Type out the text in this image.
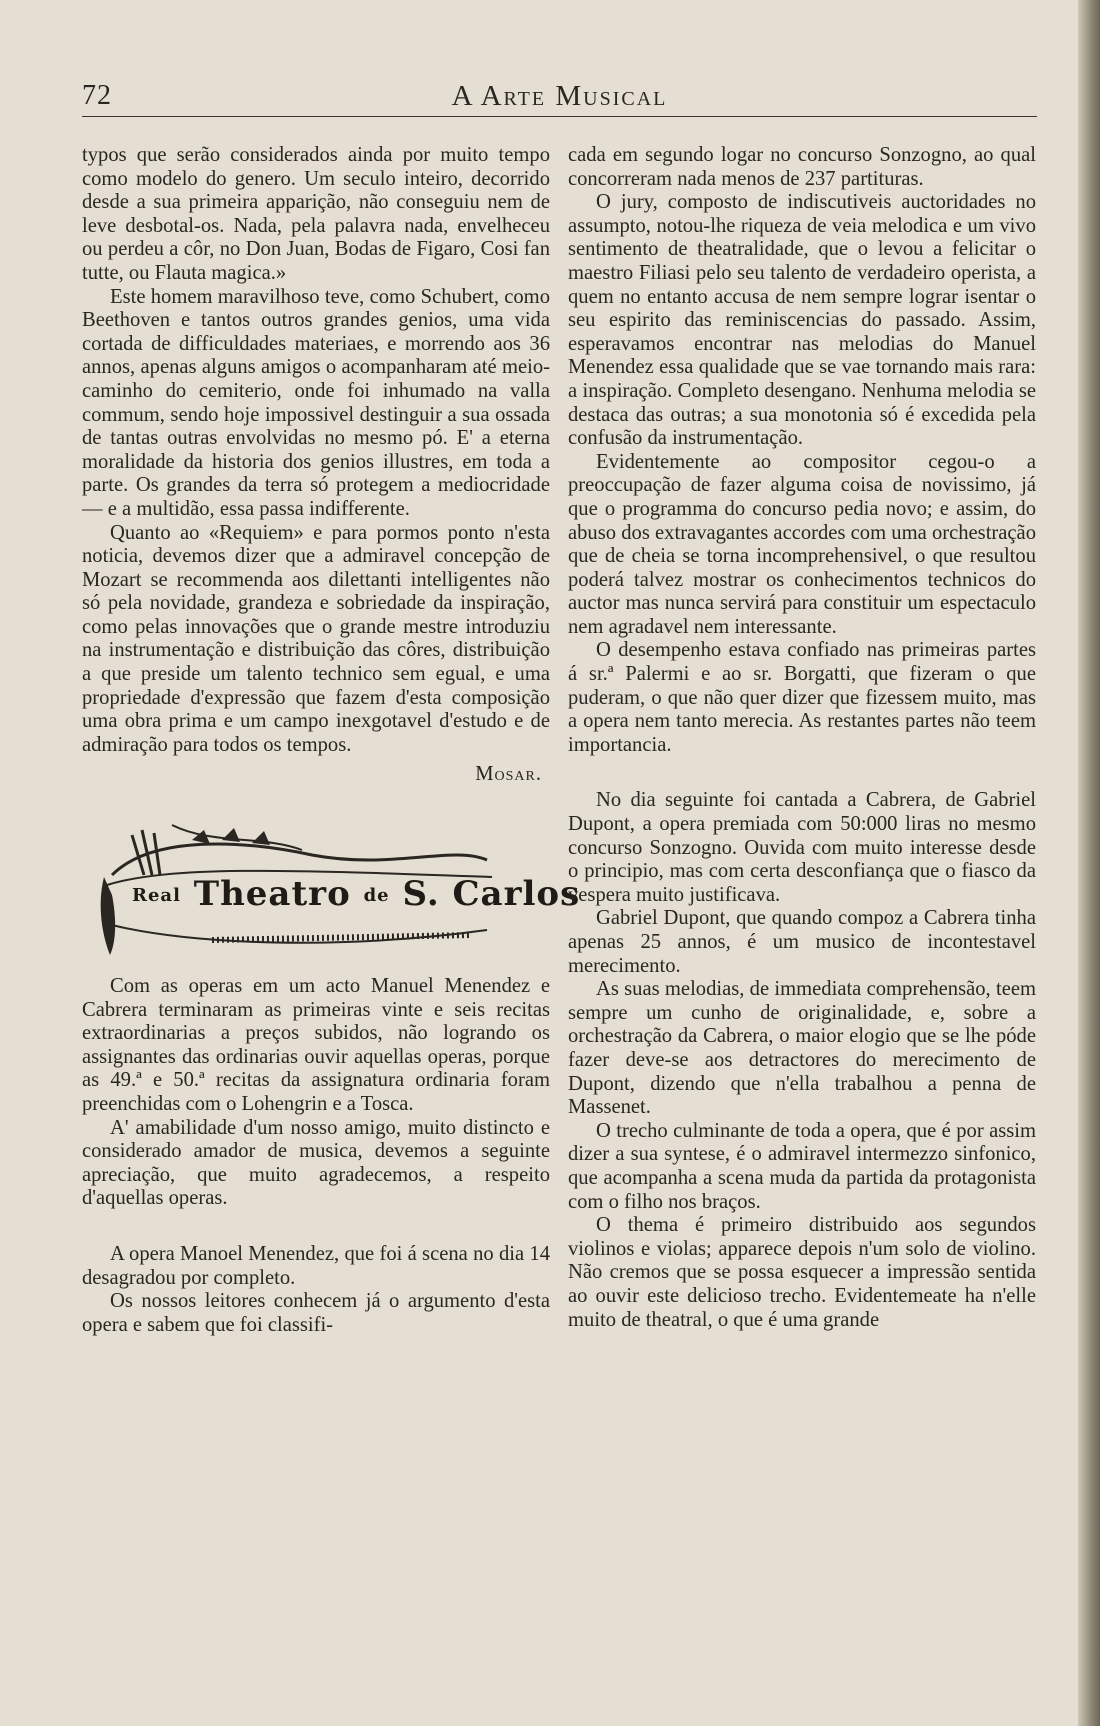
72	A Arte Musical

typos que serão considerados ainda por muito tempo como modelo do genero. Um seculo inteiro, decorrido desde a sua primeira apparição, não conseguiu nem de leve desbotal-os. Nada, pela palavra nada, envelheceu ou perdeu a côr, no Don Juan, Bodas de Figaro, Cosi fan tutte, ou Flauta magica.»

Este homem maravilhoso teve, como Schubert, como Beethoven e tantos outros grandes genios, uma vida cortada de difficuldades materiaes, e morrendo aos 36 annos, apenas alguns amigos o acompanharam até meio-caminho do cemiterio, onde foi inhumado na valla commum, sendo hoje impossivel destinguir a sua ossada de tantas outras envolvidas no mesmo pó. E' a eterna moralidade da historia dos genios illustres, em toda a parte. Os grandes da terra só protegem a mediocridade — e a multidão, essa passa indifferente.

Quanto ao «Requiem» e para pormos ponto n'esta noticia, devemos dizer que a admiravel concepção de Mozart se recommenda aos dilettanti intelligentes não só pela novidade, grandeza e sobriedade da inspiração, como pelas innovações que o grande mestre introduziu na instrumentação e distribuição das côres, distribuição a que preside um talento technico sem egual, e uma propriedade d'expressão que fazem d'esta composição uma obra prima e um campo inexgotavel d'estudo e de admiração para todos os tempos.

Mosar.
Real Theatro de S. Carlos

Com as operas em um acto Manuel Menendez e Cabrera terminaram as primeiras vinte e seis recitas extraordinarias a preços subidos, não logrando os assignantes das ordinarias ouvir aquellas operas, porque as 49.ª e 50.ª recitas da assignatura ordinaria foram preenchidas com o Lohengrin e a Tosca.

A' amabilidade d'um nosso amigo, muito distincto e considerado amador de musica, devemos a seguinte apreciação, que muito agradecemos, a respeito d'aquellas operas.

A opera Manoel Menendez, que foi á scena no dia 14 desagradou por completo.

Os nossos leitores conhecem já o argumento d'esta opera e sabem que foi classifi-

cada em segundo logar no concurso Sonzogno, ao qual concorreram nada menos de 237 partituras.

O jury, composto de indiscutiveis auctoridades no assumpto, notou-lhe riqueza de veia melodica e um vivo sentimento de theatralidade, que o levou a felicitar o maestro Filiasi pelo seu talento de verdadeiro operista, a quem no entanto accusa de nem sempre lograr isentar o seu espirito das reminiscencias do passado. Assim, esperavamos encontrar nas melodias do Manuel Menendez essa qualidade que se vae tornando mais rara: a inspiração. Completo desengano. Nenhuma melodia se destaca das outras; a sua monotonia só é excedida pela confusão da instrumentação.

Evidentemente ao compositor cegou-o a preoccupação de fazer alguma coisa de novissimo, já que o programma do concurso pedia novo; e assim, do abuso dos extravagantes accordes com uma orchestração que de cheia se torna incomprehensivel, o que resultou poderá talvez mostrar os conhecimentos technicos do auctor mas nunca servirá para constituir um espectaculo nem agradavel nem interessante.

O desempenho estava confiado nas primeiras partes á sr.ª Palermi e ao sr. Borgatti, que fizeram o que puderam, o que não quer dizer que fizessem muito, mas a opera nem tanto merecia. As restantes partes não teem importancia.

No dia seguinte foi cantada a Cabrera, de Gabriel Dupont, a opera premiada com 50:000 liras no mesmo concurso Sonzogno. Ouvida com muito interesse desde o principio, mas com certa desconfiança que o fiasco da vespera muito justificava.

Gabriel Dupont, que quando compoz a Cabrera tinha apenas 25 annos, é um musico de incontestavel merecimento.

As suas melodias, de immediata comprehensão, teem sempre um cunho de originalidade, e, sobre a orchestração da Cabrera, o maior elogio que se lhe póde fazer deve-se aos detractores do merecimento de Dupont, dizendo que n'ella trabalhou a penna de Massenet.

O trecho culminante de toda a opera, que é por assim dizer a sua syntese, é o admiravel intermezzo sinfonico, que acompanha a scena muda da partida da protagonista com o filho nos braços.

O thema é primeiro distribuido aos segundos violinos e violas; apparece depois n'um solo de violino. Não cremos que se possa esquecer a impressão sentida ao ouvir este delicioso trecho. Evidentemeate ha n'elle muito de theatral, o que é uma grande
